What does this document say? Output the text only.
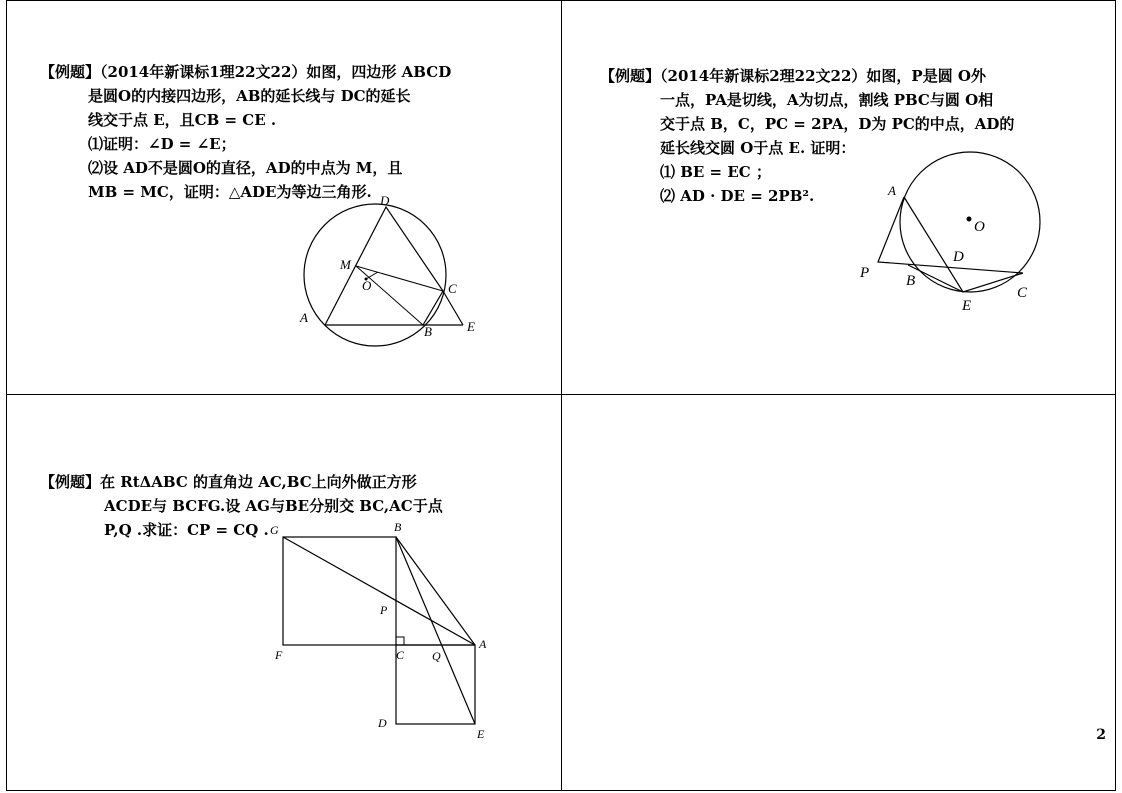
【例题】（2014年新课标1理22文22）如图，四边形 ABCD
是圆O的内接四边形，AB的延长线与 DC的延长
线交于点 E，且CB = CE .
⑴证明：∠D = ∠E；
⑵设 AD不是圆O的直径，AD的中点为 M，且
MB = MC，证明：△ADE为等边三角形. D
M
O	C
A
B	E
【例题】（2014年新课标2理22文22）如图，P是圆 O外
一点，PA是切线，A为切点，割线 PBC与圆 O相
交于点 B，C，PC = 2PA，D为 PC的中点，AD的
延长线交圆 O于点 E. 证明：
⑴ BE = EC ；
⑵ AD · DE = 2PB².	A
O
D
P B
C
E
【例题】在 RtΔABC 的直角边 AC,BC上向外做正方形
ACDE与 BCFG.设 AG与BE分别交 BC,AC于点
P,Q .求证：CP = CQ . G	B
P
F	C Q
A
D
E	2
